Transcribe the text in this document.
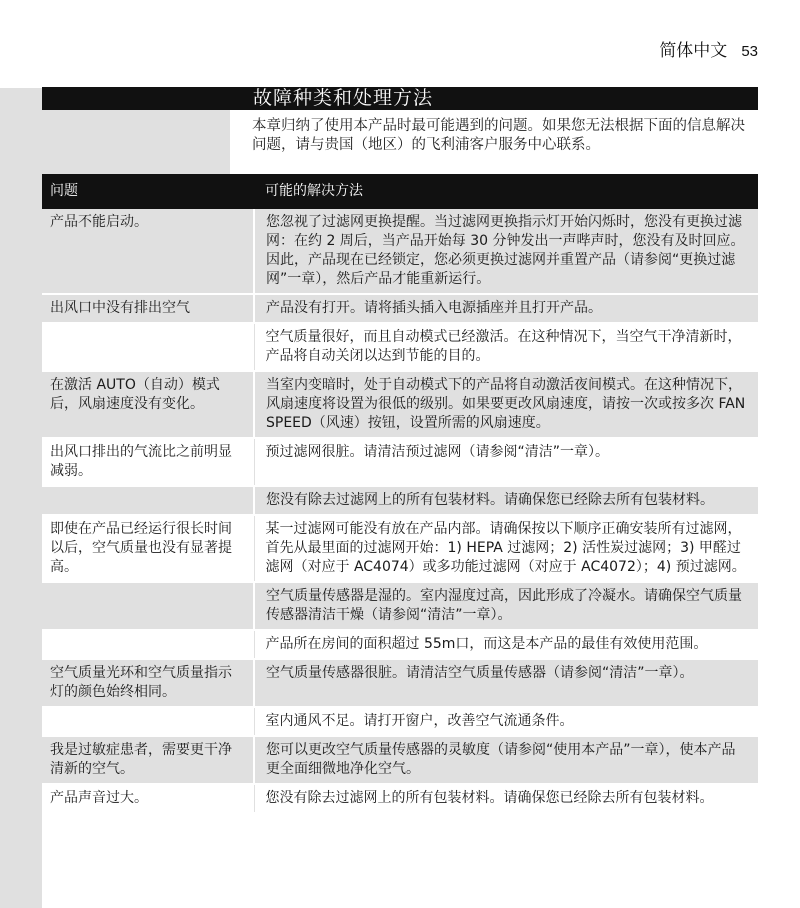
简体中文 53
故障种类和处理方法
本章归纳了使用本产品时最可能遇到的问题。如果您无法根据下面的信息解决问题，请与贵国（地区）的飞利浦客户服务中心联系。
问题	可能的解决方法
产品不能启动。	您忽视了过滤网更换提醒。当过滤网更换指示灯开始闪烁时，您没有更换过滤网：在约 2 周后，当产品开始每 30 分钟发出一声哔声时，您没有及时回应。因此，产品现在已经锁定，您必须更换过滤网并重置产品（请参阅“更换过滤网”一章），然后产品才能重新运行。
出风口中没有排出空气	产品没有打开。请将插头插入电源插座并且打开产品。
	空气质量很好，而且自动模式已经激活。在这种情况下，当空气干净清新时，产品将自动关闭以达到节能的目的。
在激活 AUTO（自动）模式后，风扇速度没有变化。	当室内变暗时，处于自动模式下的产品将自动激活夜间模式。在这种情况下，风扇速度将设置为很低的级别。如果要更改风扇速度，请按一次或按多次 FAN SPEED（风速）按钮，设置所需的风扇速度。
出风口排出的气流比之前明显减弱。	预过滤网很脏。请清洁预过滤网（请参阅“清洁”一章）。
	您没有除去过滤网上的所有包装材料。请确保您已经除去所有包装材料。
即使在产品已经运行很长时间以后，空气质量也没有显著提高。	某一过滤网可能没有放在产品内部。请确保按以下顺序正确安装所有过滤网，首先从最里面的过滤网开始：1) HEPA 过滤网；2) 活性炭过滤网；3) 甲醛过滤网（对应于 AC4074）或多功能过滤网（对应于 AC4072）；4) 预过滤网。
	空气质量传感器是湿的。室内湿度过高，因此形成了冷凝水。请确保空气质量传感器清洁干燥（请参阅“清洁”一章）。
	产品所在房间的面积超过 55m口，而这是本产品的最佳有效使用范围。
空气质量光环和空气质量指示灯的颜色始终相同。	空气质量传感器很脏。请清洁空气质量传感器（请参阅“清洁”一章）。
	室内通风不足。请打开窗户，改善空气流通条件。
我是过敏症患者，需要更干净清新的空气。	您可以更改空气质量传感器的灵敏度（请参阅“使用本产品”一章），使本产品更全面细微地净化空气。
产品声音过大。	您没有除去过滤网上的所有包装材料。请确保您已经除去所有包装材料。
